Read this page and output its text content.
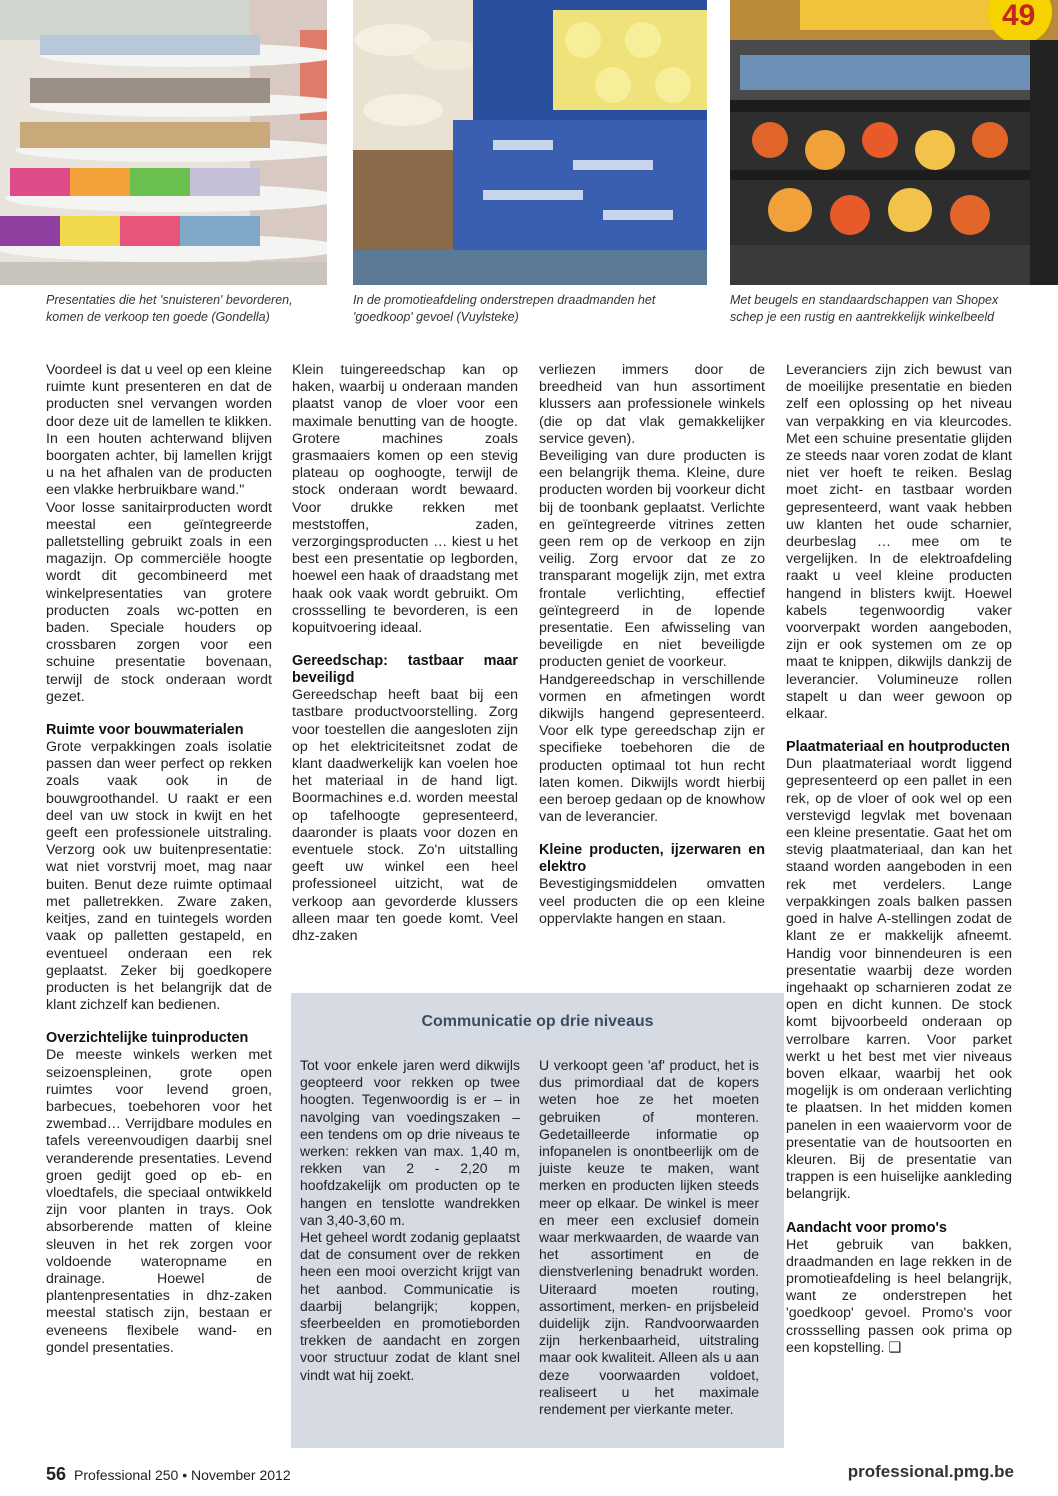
49
Presentaties die het 'snuisteren' bevorderen, komen de verkoop ten goede (Gondella)
In de promotieafdeling onderstrepen draadmanden het 'goedkoop' gevoel (Vuylsteke)
Met beugels en standaardschappen van Shopex schep je een rustig en aantrekkelijk winkelbeeld

Voordeel is dat u veel op een kleine ruimte kunt presenteren en dat de producten snel vervangen worden door deze uit de lamellen te klikken. In een houten achterwand blijven boorgaten achter, bij lamellen krijgt u na het afhalen van de producten een vlakke herbruikbare wand."

Voor losse sanitairproducten wordt meestal een geïntegreerde palletstelling gebruikt zoals in een magazijn. Op commerciële hoogte wordt dit gecombineerd met winkelpresentaties van grotere producten zoals wc-potten en baden. Speciale houders op crossbaren zorgen voor een schuine presentatie bovenaan, terwijl de stock onderaan wordt gezet.

Ruimte voor bouwmaterialen

Grote verpakkingen zoals isolatie passen dan weer perfect op rekken zoals vaak ook in de bouwgroothandel. U raakt er een deel van uw stock in kwijt en het geeft een professionele uitstraling. Verzorg ook uw buitenpresentatie: wat niet vorstvrij moet, mag naar buiten. Benut deze ruimte optimaal met palletrekken. Zware zaken, keitjes, zand en tuintegels worden vaak op palletten gestapeld, en eventueel onderaan een rek geplaatst. Zeker bij goedkopere producten is het belangrijk dat de klant zichzelf kan bedienen.

Overzichtelijke tuinproducten

De meeste winkels werken met seizoenspleinen, grote open ruimtes voor levend groen, barbecues, toebehoren voor het zwembad… Verrijdbare modules en tafels vereenvoudigen daarbij snel veranderende presentaties. Levend groen gedijt goed op eb- en vloedtafels, die speciaal ontwikkeld zijn voor planten in trays. Ook absorberende matten of kleine sleuven in het rek zorgen voor voldoende wateropname en drainage. Hoewel de plantenpresentaties in dhz-zaken meestal statisch zijn, bestaan er eveneens flexibele wand- en gondel presentaties.

Klein tuingereedschap kan op haken, waarbij u onderaan manden plaatst vanop de vloer voor een maximale benutting van de hoogte. Grotere machines zoals grasmaaiers komen op een stevig plateau op ooghoogte, terwijl de stock onderaan wordt bewaard. Voor drukke rekken met meststoffen, zaden, verzorgingsproducten … kiest u het best een presentatie op legborden, hoewel een haak of draadstang met haak ook vaak wordt gebruikt. Om crossselling te bevorderen, is een kopuitvoering ideaal.

Gereedschap: tastbaar maar beveiligd

Gereedschap heeft baat bij een tastbare productvoorstelling. Zorg voor toestellen die aangesloten zijn op het elektriciteitsnet zodat de klant daadwerkelijk kan voelen hoe het materiaal in de hand ligt. Boormachines e.d. worden meestal op tafelhoogte gepresenteerd, daaronder is plaats voor dozen en eventuele stock. Zo'n uitstalling geeft uw winkel een heel professioneel uitzicht, wat de verkoop aan gevorderde klussers alleen maar ten goede komt. Veel dhz-zaken

verliezen immers door de breedheid van hun assortiment klussers aan professionele winkels (die op dat vlak gemakkelijker service geven).

Beveiliging van dure producten is een belangrijk thema. Kleine, dure producten worden bij voorkeur dicht bij de toonbank geplaatst. Verlichte en geïntegreerde vitrines zetten geen rem op de verkoop en zijn veilig. Zorg ervoor dat ze zo transparant mogelijk zijn, met extra frontale verlichting, effectief geïntegreerd in de lopende presentatie. Een afwisseling van beveiligde en niet beveiligde producten geniet de voorkeur.

Handgereedschap in verschillende vormen en afmetingen wordt dikwijls hangend gepresenteerd. Voor elk type gereedschap zijn er specifieke toebehoren die de producten optimaal tot hun recht laten komen. Dikwijls wordt hierbij een beroep gedaan op de knowhow van de leverancier.

Kleine producten, ijzerwaren en elektro

Bevestigingsmiddelen omvatten veel producten die op een kleine oppervlakte hangen en staan.

Leveranciers zijn zich bewust van de moeilijke presentatie en bieden zelf een oplossing op het niveau van verpakking en via kleurcodes. Met een schuine presentatie glijden ze steeds naar voren zodat de klant niet ver hoeft te reiken. Beslag moet zicht- en tastbaar worden gepresenteerd, want vaak hebben uw klanten het oude scharnier, deurbeslag … mee om te vergelijken. In de elektroafdeling raakt u veel kleine producten hangend in blisters kwijt. Hoewel kabels tegenwoordig vaker voorverpakt worden aangeboden, zijn er ook systemen om ze op maat te knippen, dikwijls dankzij de leverancier. Volumineuze rollen stapelt u dan weer gewoon op elkaar.

Plaatmateriaal en houtproducten

Dun plaatmateriaal wordt liggend gepresenteerd op een pallet in een rek, op de vloer of ook wel op een verstevigd legvlak met bovenaan een kleine presentatie. Gaat het om stevig plaatmateriaal, dan kan het staand worden aangeboden in een rek met verdelers. Lange verpakkingen zoals balken passen goed in halve A-stellingen zodat de klant ze er makkelijk afneemt. Handig voor binnendeuren is een presentatie waarbij deze worden ingehaakt op scharnieren zodat ze open en dicht kunnen. De stock komt bijvoorbeeld onderaan op verrolbare karren. Voor parket werkt u het best met vier niveaus boven elkaar, waarbij het ook mogelijk is om onderaan verlichting te plaatsen. In het midden komen panelen in een waaiervorm voor de presentatie van de houtsoorten en kleuren. Bij de presentatie van trappen is een huiselijke aankleding belangrijk.

Aandacht voor promo's

Het gebruik van bakken, draadmanden en lage rekken in de promotieafdeling is heel belangrijk, want ze onderstrepen het 'goedkoop' gevoel. Promo's voor crossselling passen ook prima op een kopstelling. ❑

Communicatie op drie niveaus

Tot voor enkele jaren werd dikwijls geopteerd voor rekken op twee hoogten. Tegenwoordig is er – in navolging van voedingszaken – een tendens om op drie niveaus te werken: rekken van max. 1,40 m, rekken van 2 - 2,20 m hoofdzakelijk om producten op te hangen en tenslotte wandrekken van 3,40-3,60 m.

Het geheel wordt zodanig geplaatst dat de consument over de rekken heen een mooi overzicht krijgt van het aanbod. Communicatie is daarbij belangrijk; koppen, sfeerbeelden en promotieborden trekken de aandacht en zorgen voor structuur zodat de klant snel vindt wat hij zoekt.

U verkoopt geen 'af' product, het is dus primordiaal dat de kopers weten hoe ze het moeten gebruiken of monteren. Gedetailleerde informatie op infopanelen is onontbeerlijk om de juiste keuze te maken, want merken en producten lijken steeds meer op elkaar. De winkel is meer en meer een exclusief domein waar merkwaarden, de waarde van het assortiment en de dienstverlening benadrukt worden. Uiteraard moeten routing, assortiment, merken- en prijsbeleid duidelijk zijn. Randvoorwaarden zijn herkenbaarheid, uitstraling maar ook kwaliteit. Alleen als u aan deze voorwaarden voldoet, realiseert u het maximale rendement per vierkante meter.

56 Professional 250 • November 2012	professional.pmg.be
